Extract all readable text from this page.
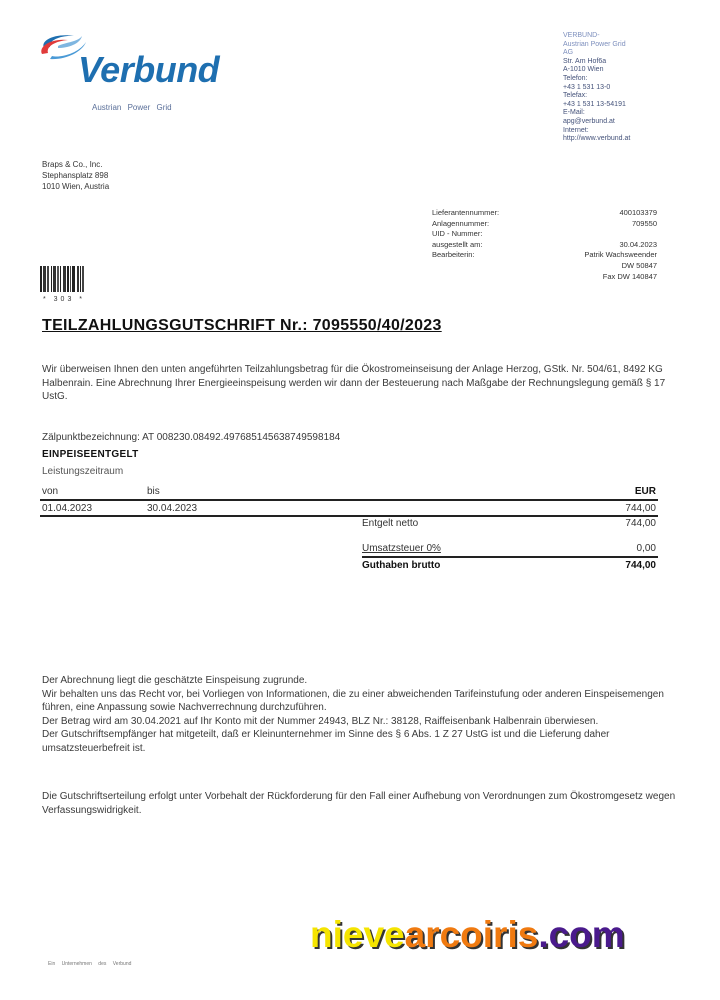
Verbund
Austrian Power Grid
VERBUND-
Austrian Power Grid
AG
Str. Am Hof6a
A-1010 Wien
Telefon:
+43 1 531 13-0
Telefax:
+43 1 531 13-54191
E-Mail:
apg@verbund.at
Internet:
http://www.verbund.at
Braps & Co., Inc.
Stephansplatz 898
1010 Wien, Austria
Lieferantennummer:	400103379
Anlagennummer:	709550
UID - Nummer:
ausgestellt am:	30.04.2023
Bearbeiterin:	Patrik Wachsweender
DW 50847
Fax DW 140847
* 303 *
TEILZAHLUNGSGUTSCHRIFT Nr.: 7095550/40/2023
Wir überweisen Ihnen den unten angeführten Teilzahlungsbetrag für die Ökostromeinseisung der Anlage Herzog, GStk. Nr. 504/61, 8492 KG Halbenrain. Eine Abrechnung Ihrer Energieeinspeisung werden wir dann der Besteuerung nach Maßgabe der Rechnungslegung gemäß § 17 UstG.
Zälpunktbezeichnung: AT 008230.08492.497685145638749598184
EINPEISEENTGELT
Leistungszeitraum
von	bis	EUR
01.04.2023	30.04.2023	744,00
Entgelt netto	744,00
Umsatzsteuer 0%	0,00
Guthaben brutto	744,00
Der Abrechnung liegt die geschätzte Einspeisung zugrunde.
Wir behalten uns das Recht vor, bei Vorliegen von Informationen, die zu einer abweichenden Tarifeinstufung oder anderen Einspeisemengen führen, eine Anpassung sowie Nachverrechnung durchzuführen.
Der Betrag wird am 30.04.2021 auf Ihr Konto mit der Nummer 24943, BLZ Nr.: 38128, Raiffeisenbank Halbenrain überwiesen.
Der Gutschriftsempfänger hat mitgeteilt, daß er Kleinunternehmer im Sinne des § 6 Abs. 1 Z 27 UstG ist und die Lieferung daher umsatzsteuerbefreit ist.
Die Gutschriftserteilung erfolgt unter Vorbehalt der Rückforderung für den Fall einer Aufhebung von Verordnungen zum Ökostromgesetz wegen Verfassungswidrigkeit.
nievearcoiris.com
Ein Unternehmen des Verbund
